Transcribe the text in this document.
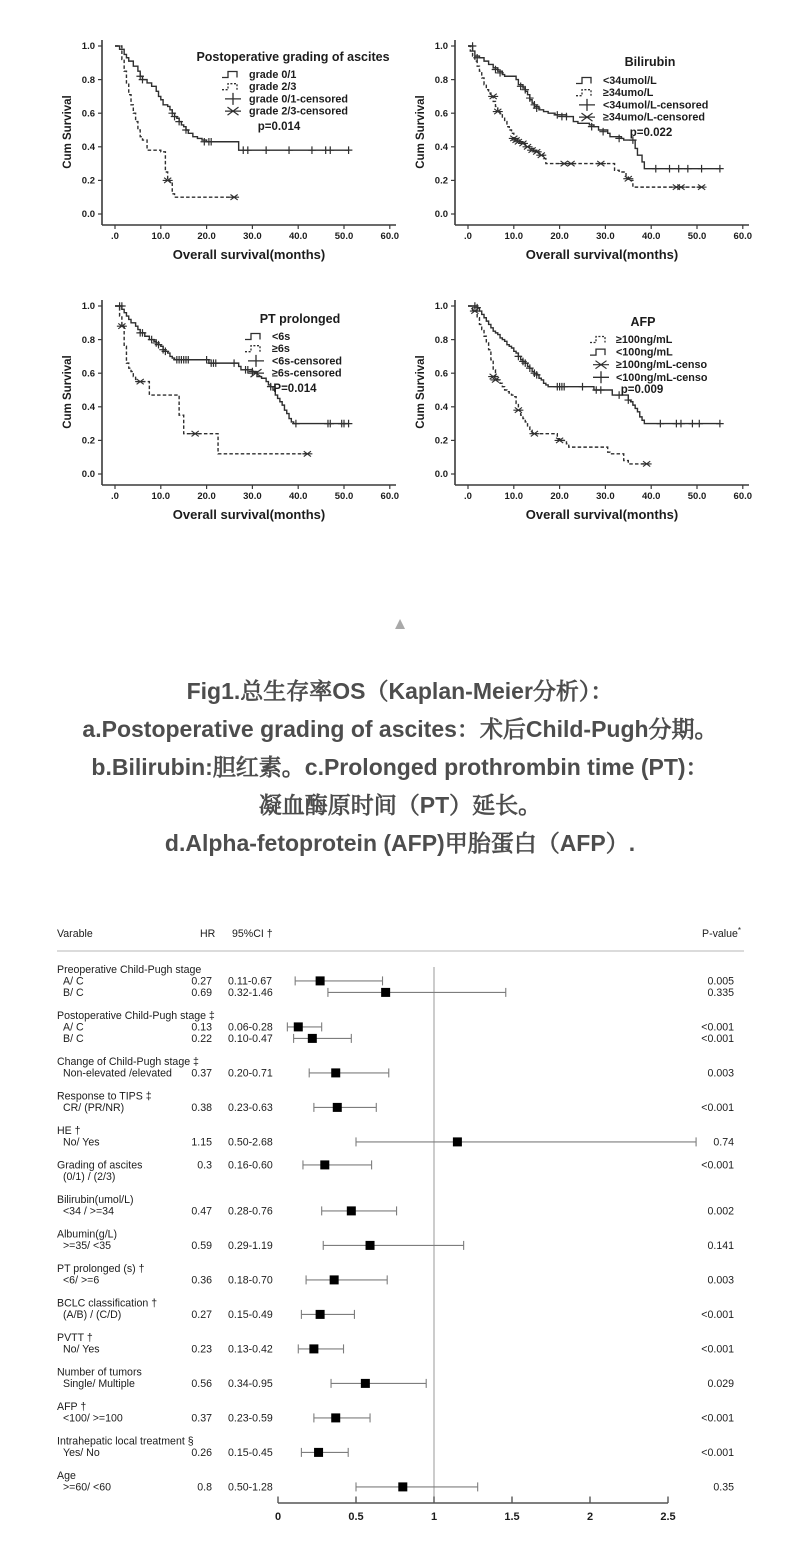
0.0
0.2
0.4
0.6
0.8
1.0
.0	10.0	20.0	30.0	40.0	50.0	60.0
Cum Survival
Overall survival(months)
Postoperative grading of ascites
grade 0/1
grade 2/3
grade 0/1-censored
grade 2/3-censored
p=0.014
0.0
0.2
0.4
0.6
0.8
1.0
.0	10.0	20.0	30.0	40.0	50.0	60.0
Cum Survival
Overall survival(months)
Bilirubin
<34umol/L
≥34umo/L
<34umol/L-censored
≥34umo/L-censored
p=0.022
0.0
0.2
0.4
0.6
0.8
1.0
.0	10.0	20.0	30.0	40.0	50.0	60.0
Cum Survival
Overall survival(months)
PT prolonged
<6s
≥6s
<6s-censored
≥6s-censored
P=0.014
0.0
0.2
0.4
0.6
0.8
1.0
.0	10.0	20.0	30.0	40.0	50.0	60.0
Cum Survival
Overall survival(months)
AFP
≥100ng/mL
<100ng/mL
≥100ng/mL-censo
<100ng/mL-censo
p=0.009
▲
Fig1.总生存率OS（Kaplan-Meier分析）：
a.Postoperative grading of ascites：术后Child-Pugh分期。
b.Bilirubin:胆红素。c.Prolonged prothrombin time (PT)：
凝血酶原时间（PT）延长。
d.Alpha-fetoprotein (AFP)甲胎蛋白（AFP）.
Varable	HR 95%CI †	P-value*
Preoperative Child-Pugh stage
A/ C	0.27 0.11-0.67	0.005
B/ C	0.69 0.32-1.46	0.335
Postoperative Child-Pugh stage ‡
A/ C	0.13 0.06-0.28	<0.001
B/ C	0.22 0.10-0.47	<0.001
Change of Child-Pugh stage ‡
Non-elevated /elevated 0.37 0.20-0.71	0.003
Response to TIPS ‡
CR/ (PR/NR)	0.38 0.23-0.63	<0.001
HE †
No/ Yes	1.15 0.50-2.68	0.74
Grading of ascites	0.3 0.16-0.60	<0.001
(0/1) / (2/3)
Bilirubin(umol/L)
<34 / >=34	0.47 0.28-0.76	0.002
Albumin(g/L)
>=35/ <35	0.59 0.29-1.19	0.141
PT prolonged (s) †
<6/ >=6	0.36 0.18-0.70	0.003
BCLC classification †
(A/B) / (C/D)	0.27 0.15-0.49	<0.001
PVTT †
No/ Yes	0.23 0.13-0.42	<0.001
Number of tumors
Single/ Multiple	0.56 0.34-0.95	0.029
AFP †
<100/ >=100	0.37 0.23-0.59	<0.001
Intrahepatic local treatment §
Yes/ No	0.26 0.15-0.45	<0.001
Age
>=60/ <60	0.8 0.50-1.28	0.35
0	0.5	1	1.5	2	2.5
